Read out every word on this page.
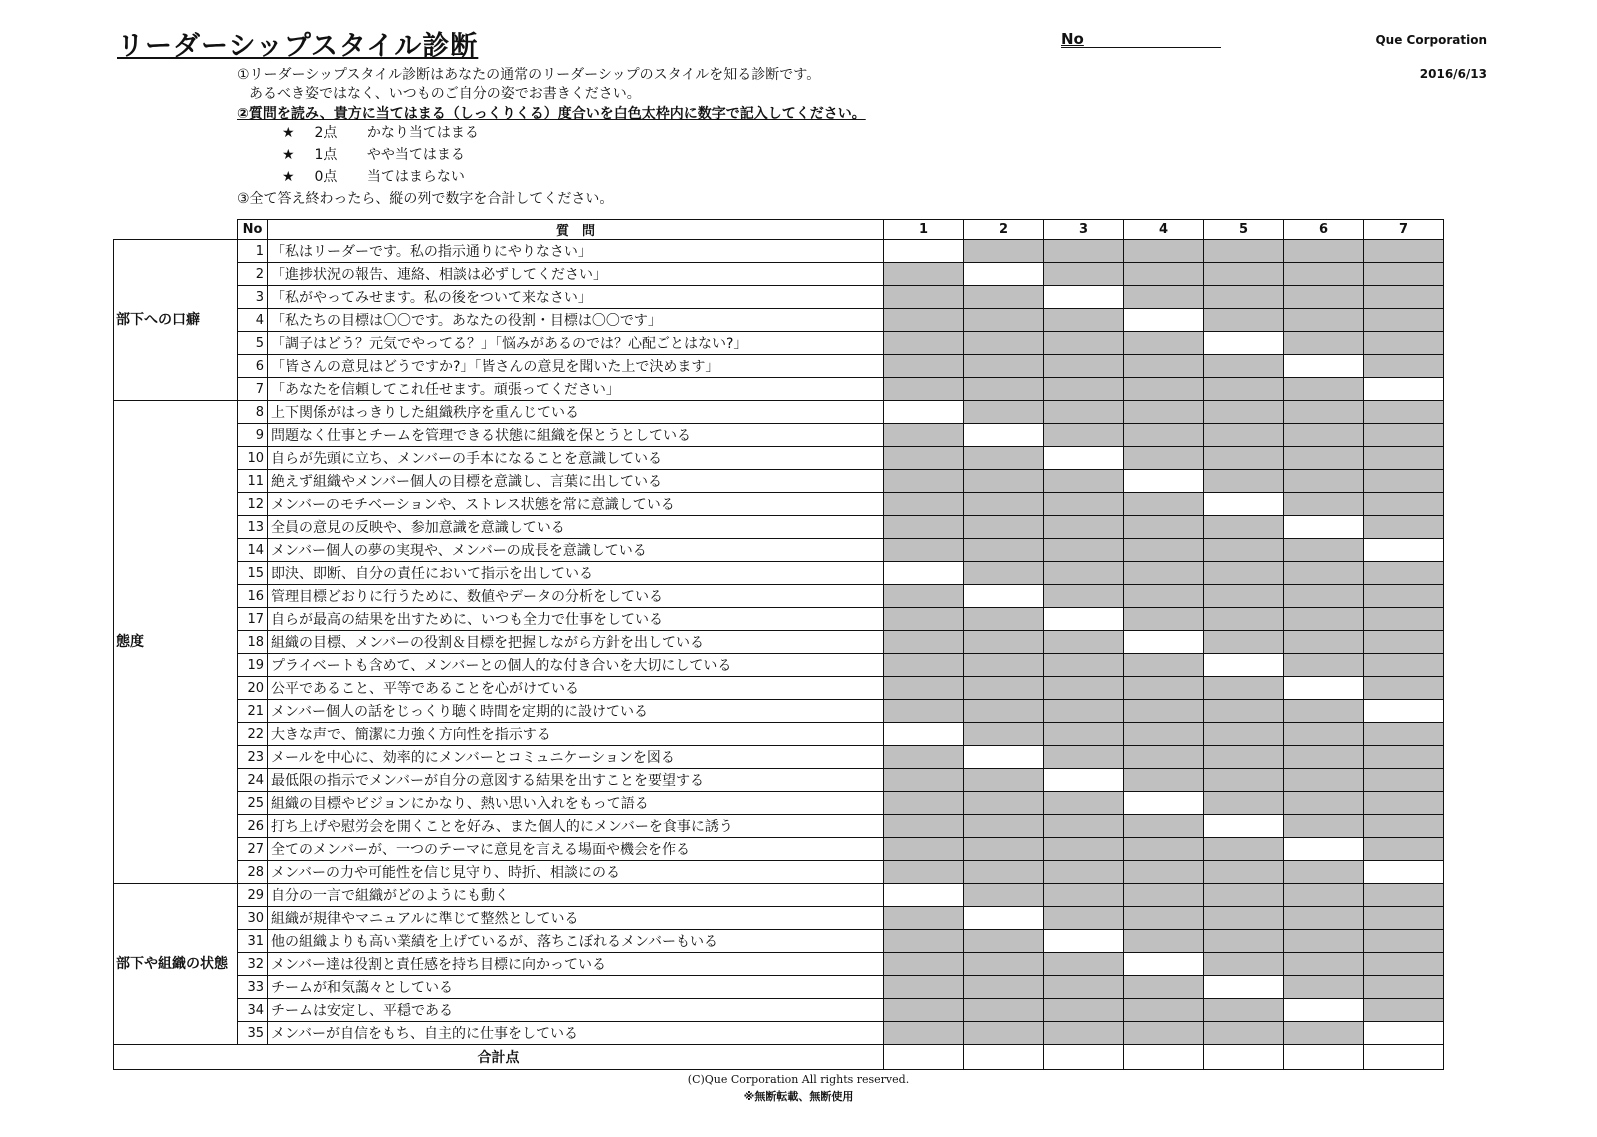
リーダーシップスタイル診断	No	Que Corporation
2016/6/13
①リーダーシップスタイル診断はあなたの通常のリーダーシップのスタイルを知る診断です。
あるべき姿ではなく、いつものご自分の姿でお書きください。
②質問を読み、貴方に当てはまる（しっくりくる）度合いを白色太枠内に数字で記入してください。
★ 2点 かなり当てはまる
★ 1点 やや当てはまる
★ 0点 当てはまらない
③全て答え終わったら、縦の列で数字を合計してください。
	No	質　問	1	2	3	4	5	6	7
部下への口癖	1	「私はリーダーです。私の指示通りにやりなさい」							
	2	「進捗状況の報告、連絡、相談は必ずしてください」							
	3	「私がやってみせます。私の後をついて来なさい」							
	4	「私たちの目標は〇〇です。あなたの役割・目標は〇〇です」							
	5	「調子はどう？元気でやってる？」「悩みがあるのでは？心配ごとはない?」							
	6	「皆さんの意見はどうですか?」「皆さんの意見を聞いた上で決めます」							
	7	「あなたを信頼してこれ任せます。頑張ってください」							
態度	8	上下関係がはっきりした組織秩序を重んじている							
	9	問題なく仕事とチームを管理できる状態に組織を保とうとしている							
	10	自らが先頭に立ち、メンバーの手本になることを意識している							
	11	絶えず組織やメンバー個人の目標を意識し、言葉に出している							
	12	メンバーのモチベーションや、ストレス状態を常に意識している							
	13	全員の意見の反映や、参加意識を意識している							
	14	メンバー個人の夢の実現や、メンバーの成長を意識している							
	15	即決、即断、自分の責任において指示を出している							
	16	管理目標どおりに行うために、数値やデータの分析をしている							
	17	自らが最高の結果を出すために、いつも全力で仕事をしている							
	18	組織の目標、メンバーの役割＆目標を把握しながら方針を出している							
	19	プライベートも含めて、メンバーとの個人的な付き合いを大切にしている							
	20	公平であること、平等であることを心がけている							
	21	メンバー個人の話をじっくり聴く時間を定期的に設けている							
	22	大きな声で、簡潔に力強く方向性を指示する							
	23	メールを中心に、効率的にメンバーとコミュニケーションを図る							
	24	最低限の指示でメンバーが自分の意図する結果を出すことを要望する							
	25	組織の目標やビジョンにかなり、熱い思い入れをもって語る							
	26	打ち上げや慰労会を開くことを好み、また個人的にメンバーを食事に誘う							
	27	全てのメンバーが、一つのテーマに意見を言える場面や機会を作る							
	28	メンバーの力や可能性を信じ見守り、時折、相談にのる							
部下や組織の状態	29	自分の一言で組織がどのようにも動く							
	30	組織が規律やマニュアルに準じて整然としている							
	31	他の組織よりも高い業績を上げているが、落ちこぼれるメンバーもいる							
	32	メンバー達は役割と責任感を持ち目標に向かっている							
	33	チームが和気藹々としている							
	34	チームは安定し、平穏である							
	35	メンバーが自信をもち、自主的に仕事をしている							
合計点									
(C)Que Corporation All rights reserved.
※無断転載、無断使用
